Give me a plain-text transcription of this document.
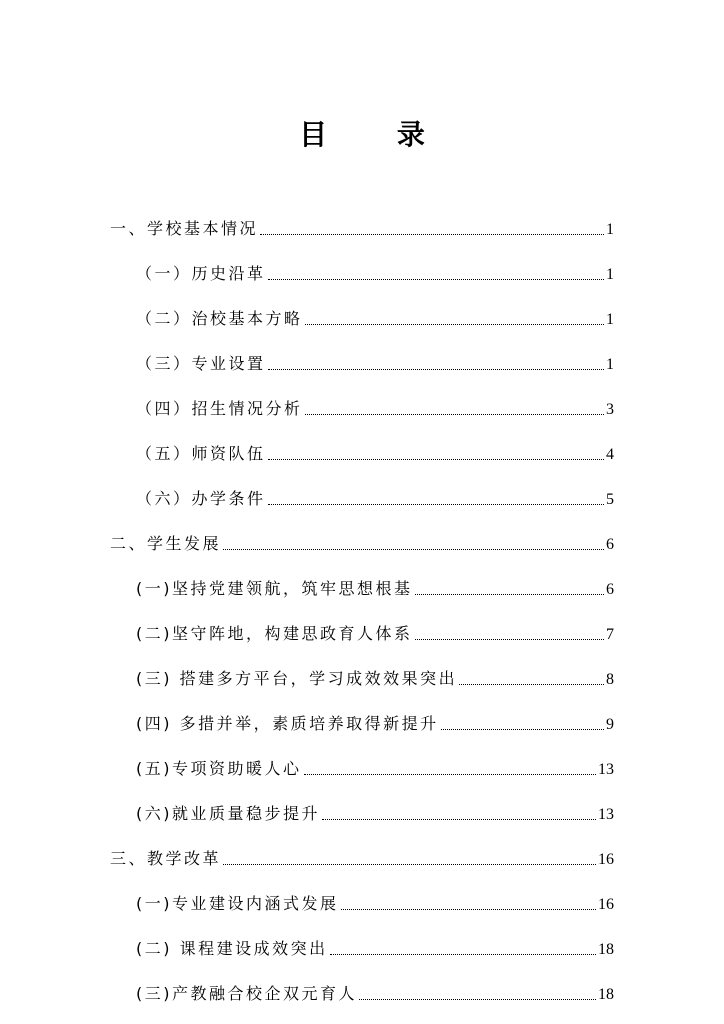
目 录
一、学校基本情况	1
（一）历史沿革	1
（二）治校基本方略	1
（三）专业设置	1
（四）招生情况分析	3
（五）师资队伍	4
（六）办学条件	5
二、学生发展	6
(一)坚持党建领航，筑牢思想根基	6
(二)坚守阵地，构建思政育人体系	7
(三) 搭建多方平台，学习成效效果突出	8
(四) 多措并举，素质培养取得新提升	9
(五)专项资助暖人心	13
(六)就业质量稳步提升	13
三、教学改革	16
(一)专业建设内涵式发展	16
(二) 课程建设成效突出	18
(三)产教融合校企双元育人	18
